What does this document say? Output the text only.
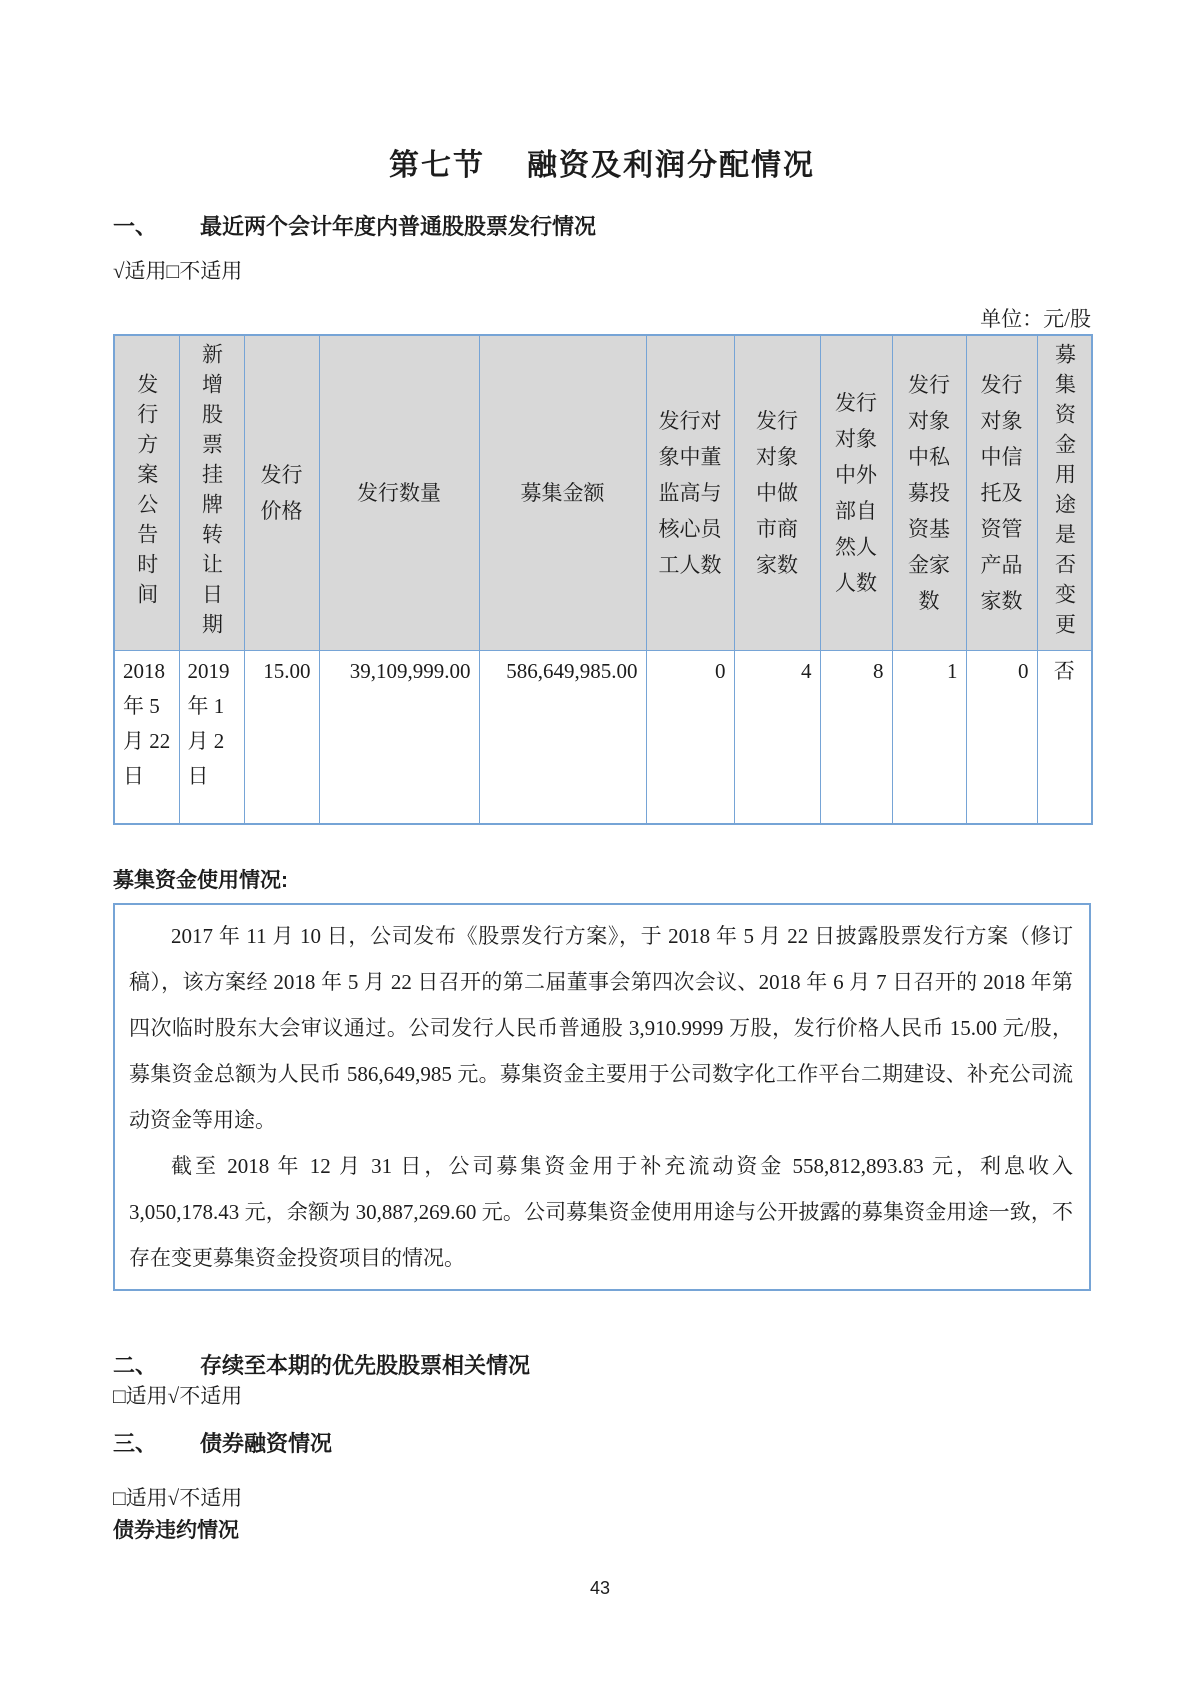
第七节 融资及利润分配情况
一、 最近两个会计年度内普通股股票发行情况

√适用□不适用

单位：元/股

发行方案公告时间	新增股票挂牌转让日期	发行价格	发行数量	募集金额	发行对象中董监高与核心员工人数	发行对象中做市商家数	发行对象中外部自然人人数	发行对象中私募投资基金家数	发行对象中信托及资管产品家数	募集资金用途是否变更

2018 年 5 月 22 日	2019 年 1 月 2 日	15.00	39,109,999.00	586,649,985.00	0	4	8	1	0	否
募集资金使用情况:

2017 年 11 月 10 日，公司发布《股票发行方案》，于 2018 年 5 月 22 日披露股票发行方案（修订稿），该方案经 2018 年 5 月 22 日召开的第二届董事会第四次会议、2018 年 6 月 7 日召开的 2018 年第四次临时股东大会审议通过。公司发行人民币普通股 3,910.9999 万股，发行价格人民币 15.00 元/股，募集资金总额为人民币 586,649,985 元。募集资金主要用于公司数字化工作平台二期建设、补充公司流动资金等用途。

截至 2018 年 12 月 31 日，公司募集资金用于补充流动资金 558,812,893.83 元，利息收入 3,050,178.43 元，余额为 30,887,269.60 元。公司募集资金使用用途与公开披露的募集资金用途一致，不存在变更募集资金投资项目的情况。

二、 存续至本期的优先股股票相关情况

□适用√不适用

三、 债券融资情况

□适用√不适用

债券违约情况
43
